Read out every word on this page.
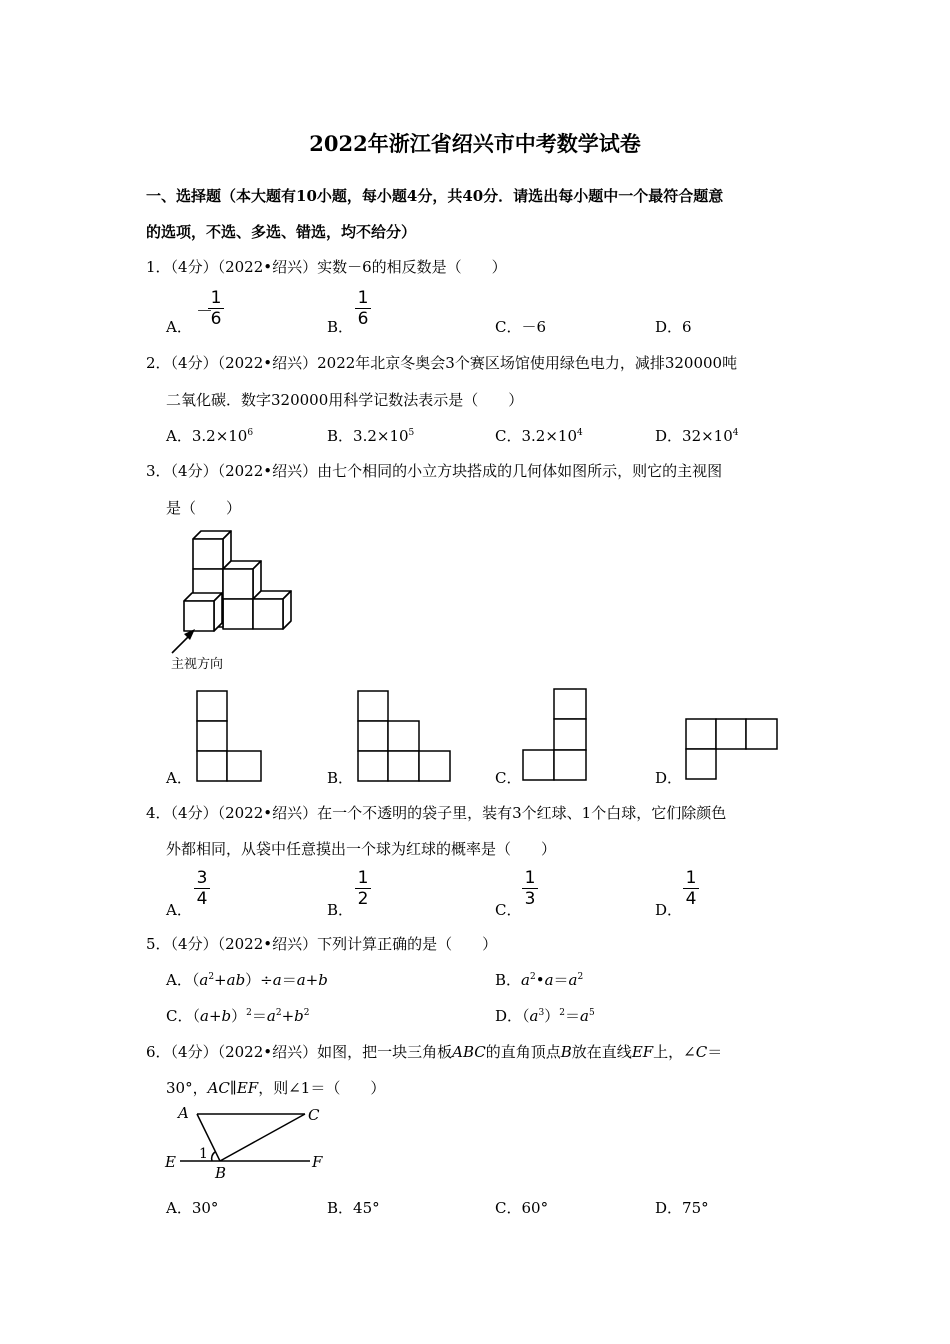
2022年浙江省绍兴市中考数学试卷
一、选择题（本大题有10小题，每小题4分，共40分．请选出每小题中一个最符合题意
的选项，不选、多选、错选，均不给分）
1．（4分）（2022•绍兴）实数－6的相反数是（　　）
A．
－
1
6	B．
1
6	C．－6	D．6
2．（4分）（2022•绍兴）2022年北京冬奥会3个赛区场馆使用绿色电力，减排320000吨
二氧化碳．数字320000用科学记数法表示是（　　）
A．$3.2\times 10^6$	B．$3.2\times 10^5$	C．$3.2\times 10^4$	D．$32\times 10^4$
3．（4分）（2022•绍兴）由七个相同的小立方块搭成的几何体如图所示，则它的主视图
是（　　）
主视方向
A．	B．	C．	D．
4．（4分）（2022•绍兴）在一个不透明的袋子里，装有3个红球、1个白球，它们除颜色
外都相同，从袋中任意摸出一个球为红球的概率是（　　）
A．
3
4
B．
1
2
C．
1
3
D．
1
4
5．（4分）（2022•绍兴）下列计算正确的是（　　）
A．$(a^2+ab)\div a=a+b$	B．$a^2•a=a^2$
C．$(a+b)^2=a^2+b^2$	D．$(a^3)^2=a^5$
6．（4分）（2022•绍兴）如图，把一块三角板ABC的直角顶点B放在直线EF上，∠C＝
30°，AC∥EF，则∠1＝（　　）
A	C
E
B
F
1
A．30°	B．45°	C．60°	D．75°
